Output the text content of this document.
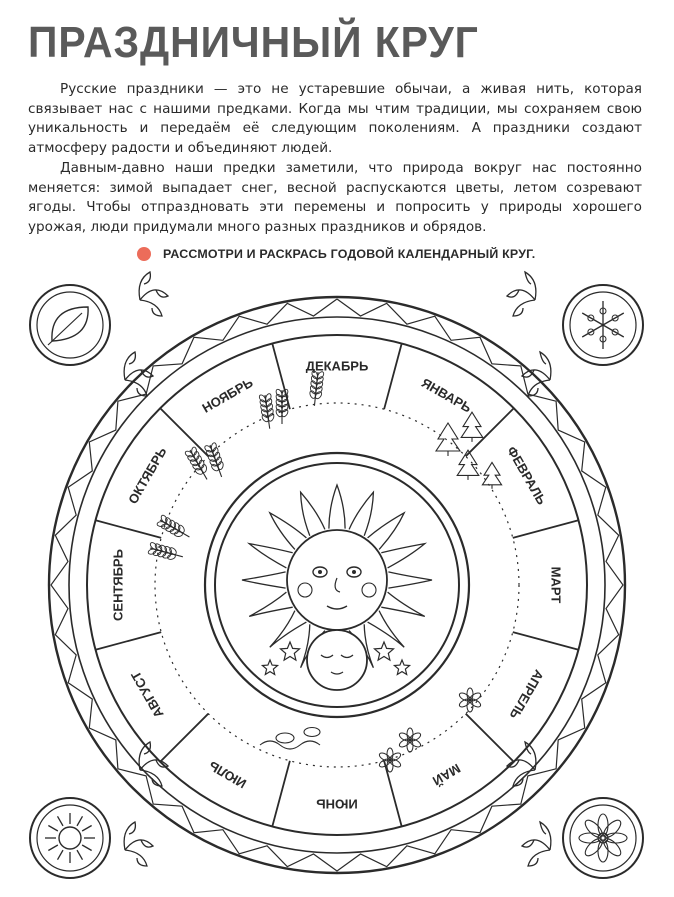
ПРАЗДНИЧНЫЙ КРУГ

Русские праздники — это не устаревшие обычаи, а живая нить, которая связывает нас с нашими предками. Когда мы чтим традиции, мы сохраняем свою уникальность и передаём её следующим поколениям. А праздники создают атмосферу радости и объединяют людей.

Давным-давно наши предки заметили, что природа вокруг нас постоянно меняется: зимой выпадает снег, весной распускаются цветы, летом созревают ягоды. Чтобы отпраздновать эти перемены и попросить у природы хорошего урожая, люди придумали много разных праздников и обрядов.

РАССМОТРИ И РАСКРАСЬ ГОДОВОЙ КАЛЕНДАРНЫЙ КРУГ.
ДЕКАБРЬ
ЯНВАРЬ
ФЕВРАЛЬ
МАРТ
АПРЕЛЬ
МАЙ
ИЮНЬ
ИЮЛЬ
АВГУСТ
СЕНТЯБРЬ
ОКТЯБРЬ
НОЯБРЬ
